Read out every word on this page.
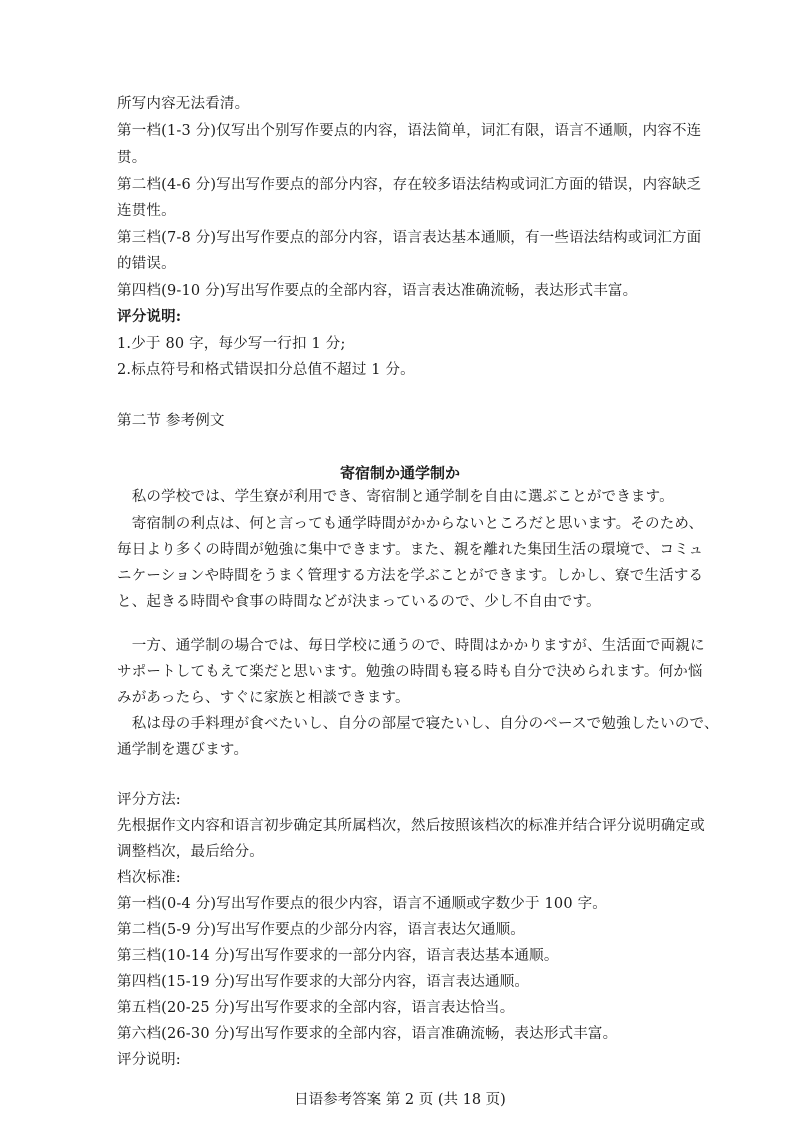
所写内容无法看清。
第一档(1-3 分)仅写出个别写作要点的内容，语法简单，词汇有限，语言不通顺，内容不连
贯。
第二档(4-6 分)写出写作要点的部分内容，存在较多语法结构或词汇方面的错误，内容缺乏
连贯性。
第三档(7-8 分)写出写作要点的部分内容，语言表达基本通顺，有一些语法结构或词汇方面
的错误。
第四档(9-10 分)写出写作要点的全部内容，语言表达准确流畅，表达形式丰富。
评分说明:
1.少于 80 字，每少写一行扣 1 分;
2.标点符号和格式错误扣分总值不超过 1 分。
第二节 参考例文
寄宿制か通学制か
　私の学校では、学生寮が利用でき、寄宿制と通学制を自由に選ぶことができます。
　寄宿制の利点は、何と言っても通学時間がかからないところだと思います。そのため、
毎日より多くの時間が勉強に集中できます。また、親を離れた集団生活の環境で、コミュ
ニケーションや時間をうまく管理する方法を学ぶことができます。しかし、寮で生活する
と、起きる時間や食事の時間などが決まっているので、少し不自由です。
　一方、通学制の場合では、毎日学校に通うので、時間はかかりますが、生活面で両親に
サポートしてもえて楽だと思います。勉強の時間も寝る時も自分で決められます。何か悩
みがあったら、すぐに家族と相談できます。
　私は母の手料理が食べたいし、自分の部屋で寝たいし、自分のペースで勉強したいので、
通学制を選びます。
评分方法:
先根据作文内容和语言初步确定其所属档次，然后按照该档次的标准并结合评分说明确定或
调整档次，最后给分。
档次标准:
第一档(0-4 分)写出写作要点的很少内容，语言不通顺或字数少于 100 字。
第二档(5-9 分)写出写作要点的少部分内容，语言表达欠通顺。
第三档(10-14 分)写出写作要求的一部分内容，语言表达基本通顺。
第四档(15-19 分)写出写作要求的大部分内容，语言表达通顺。
第五档(20-25 分)写出写作要求的全部内容，语言表达恰当。
第六档(26-30 分)写出写作要求的全部内容，语言准确流畅，表达形式丰富。
评分说明:
日语参考答案 第 2 页 (共 18 页)
